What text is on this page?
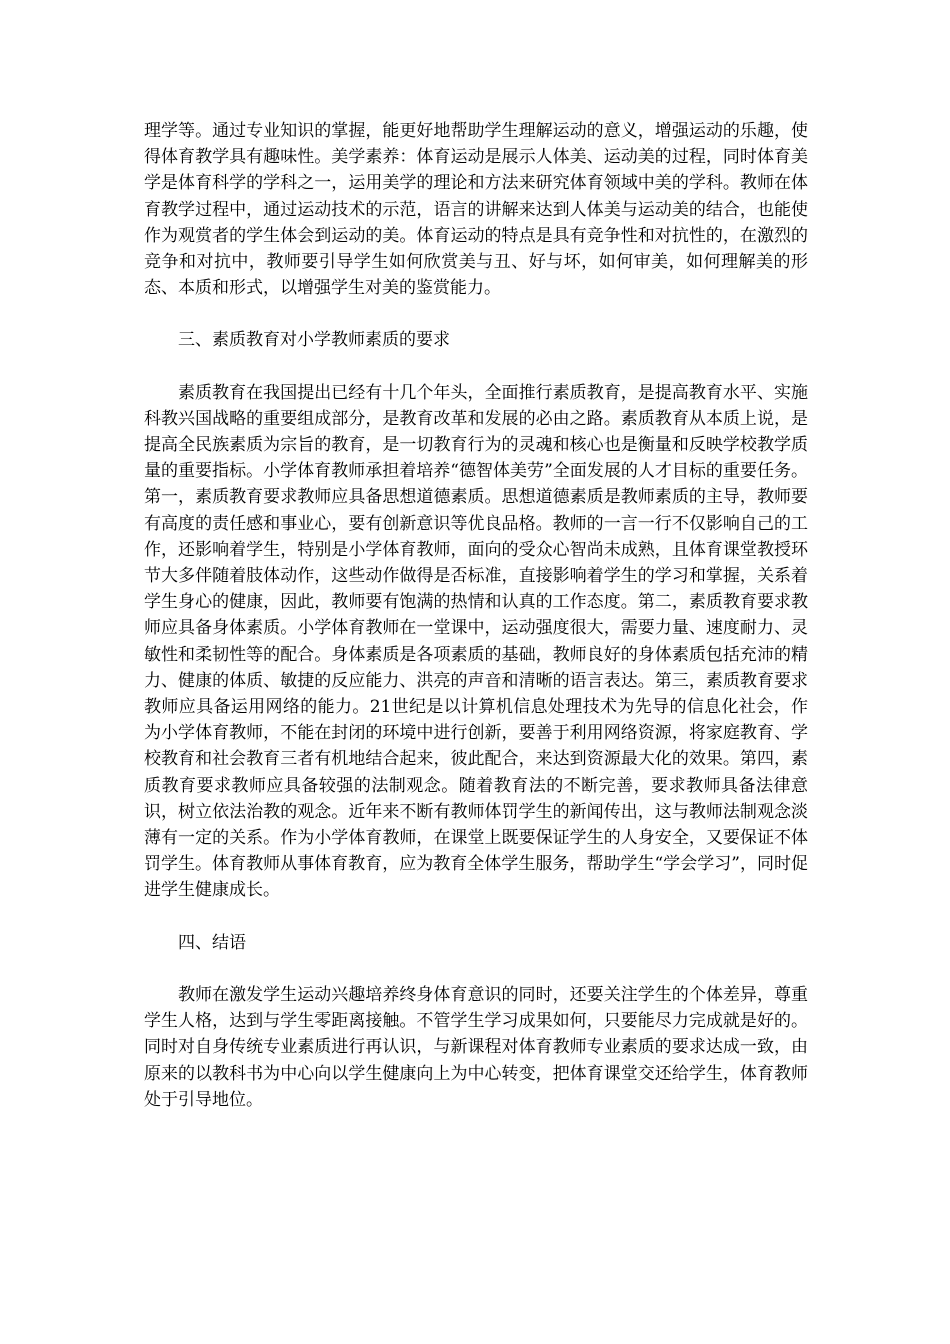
理学等。通过专业知识的掌握，能更好地帮助学生理解运动的意义，增强运动的乐趣，使得体育教学具有趣味性。美学素养：体育运动是展示人体美、运动美的过程，同时体育美学是体育科学的学科之一，运用美学的理论和方法来研究体育领域中美的学科。教师在体育教学过程中，通过运动技术的示范，语言的讲解来达到人体美与运动美的结合，也能使作为观赏者的学生体会到运动的美。体育运动的特点是具有竞争性和对抗性的，在激烈的竞争和对抗中，教师要引导学生如何欣赏美与丑、好与坏，如何审美，如何理解美的形态、本质和形式，以增强学生对美的鉴赏能力。

三、素质教育对小学教师素质的要求

素质教育在我国提出已经有十几个年头，全面推行素质教育，是提高教育水平、实施科教兴国战略的重要组成部分，是教育改革和发展的必由之路。素质教育从本质上说，是提高全民族素质为宗旨的教育，是一切教育行为的灵魂和核心也是衡量和反映学校教学质量的重要指标。小学体育教师承担着培养“德智体美劳”全面发展的人才目标的重要任务。第一，素质教育要求教师应具备思想道德素质。思想道德素质是教师素质的主导，教师要有高度的责任感和事业心，要有创新意识等优良品格。教师的一言一行不仅影响自己的工作，还影响着学生，特别是小学体育教师，面向的受众心智尚未成熟，且体育课堂教授环节大多伴随着肢体动作，这些动作做得是否标准，直接影响着学生的学习和掌握，关系着学生身心的健康，因此，教师要有饱满的热情和认真的工作态度。第二，素质教育要求教师应具备身体素质。小学体育教师在一堂课中，运动强度很大，需要力量、速度耐力、灵敏性和柔韧性等的配合。身体素质是各项素质的基础，教师良好的身体素质包括充沛的精力、健康的体质、敏捷的反应能力、洪亮的声音和清晰的语言表达。第三，素质教育要求教师应具备运用网络的能力。21世纪是以计算机信息处理技术为先导的信息化社会，作为小学体育教师，不能在封闭的环境中进行创新，要善于利用网络资源，将家庭教育、学校教育和社会教育三者有机地结合起来，彼此配合，来达到资源最大化的效果。第四，素质教育要求教师应具备较强的法制观念。随着教育法的不断完善，要求教师具备法律意识，树立依法治教的观念。近年来不断有教师体罚学生的新闻传出，这与教师法制观念淡薄有一定的关系。作为小学体育教师，在课堂上既要保证学生的人身安全，又要保证不体罚学生。体育教师从事体育教育，应为教育全体学生服务，帮助学生“学会学习”，同时促进学生健康成长。

四、结语

教师在激发学生运动兴趣培养终身体育意识的同时，还要关注学生的个体差异，尊重学生人格，达到与学生零距离接触。不管学生学习成果如何，只要能尽力完成就是好的。同时对自身传统专业素质进行再认识，与新课程对体育教师专业素质的要求达成一致，由原来的以教科书为中心向以学生健康向上为中心转变，把体育课堂交还给学生，体育教师处于引导地位。
